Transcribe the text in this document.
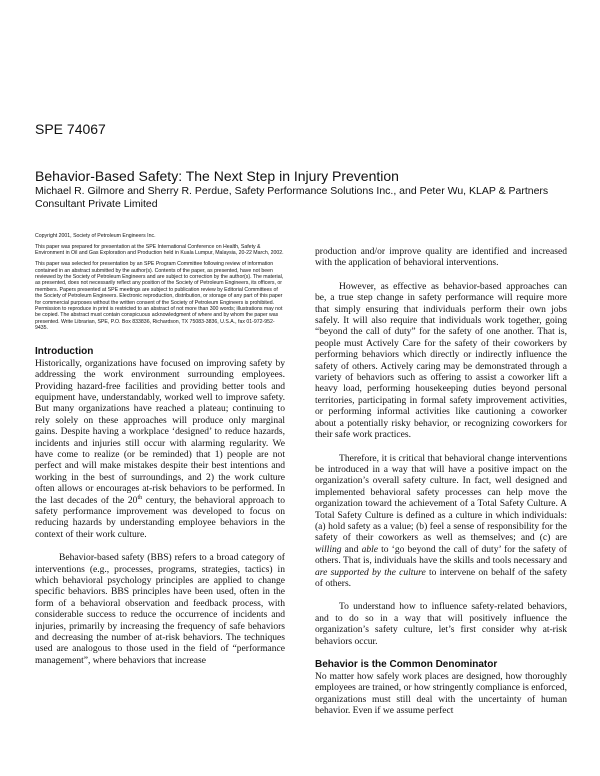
SPE 74067
Behavior-Based Safety: The Next Step in Injury Prevention
Michael R. Gilmore and Sherry R. Perdue, Safety Performance Solutions Inc., and Peter Wu, KLAP & Partners Consultant Private Limited

Copyright 2001, Society of Petroleum Engineers Inc.

This paper was prepared for presentation at the SPE International Conference on Health, Safety & Environment in Oil and Gas Exploration and Production held in Kuala Lumpur, Malaysia, 20-22 March, 2002.

This paper was selected for presentation by an SPE Program Committee following review of information contained in an abstract submitted by the author(s). Contents of the paper, as presented, have not been reviewed by the Society of Petroleum Engineers and are subject to correction by the author(s). The material, as presented, does not necessarily reflect any position of the Society of Petroleum Engineers, its officers, or members. Papers presented at SPE meetings are subject to publication review by Editorial Committees of the Society of Petroleum Engineers. Electronic reproduction, distribution, or storage of any part of this paper for commercial purposes without the written consent of the Society of Petroleum Engineers is prohibited. Permission to reproduce in print is restricted to an abstract of not more than 300 words; illustrations may not be copied. The abstract must contain conspicuous acknowledgment of where and by whom the paper was presented. Write Librarian, SPE, P.O. Box 833836, Richardson, TX 75083-3836, U.S.A., fax 01-972-952-9435.

Introduction

Historically, organizations have focused on improving safety by addressing the work environment surrounding employees. Providing hazard-free facilities and providing better tools and equipment have, understandably, worked well to improve safety. But many organizations have reached a plateau; continuing to rely solely on these approaches will produce only marginal gains. Despite having a workplace ‘designed’ to reduce hazards, incidents and injuries still occur with alarming regularity. We have come to realize (or be reminded) that 1) people are not perfect and will make mistakes despite their best intentions and working in the best of surroundings, and 2) the work culture often allows or encourages at-risk behaviors to be performed. In the last decades of the 20th century, the behavioral approach to safety performance improvement was developed to focus on reducing hazards by understanding employee behaviors in the context of their work culture.

Behavior-based safety (BBS) refers to a broad category of interventions (e.g., processes, programs, strategies, tactics) in which behavioral psychology principles are applied to change specific behaviors. BBS principles have been used, often in the form of a behavioral observation and feedback process, with considerable success to reduce the occurrence of incidents and injuries, primarily by increasing the frequency of safe behaviors and decreasing the number of at-risk behaviors. The techniques used are analogous to those used in the field of “performance management”, where behaviors that increase

production and/or improve quality are identified and increased with the application of behavioral interventions.

However, as effective as behavior-based approaches can be, a true step change in safety performance will require more that simply ensuring that individuals perform their own jobs safely. It will also require that individuals work together, going “beyond the call of duty” for the safety of one another. That is, people must Actively Care for the safety of their coworkers by performing behaviors which directly or indirectly influence the safety of others. Actively caring may be demonstrated through a variety of behaviors such as offering to assist a coworker lift a heavy load, performing housekeeping duties beyond personal territories, participating in formal safety improvement activities, or performing informal activities like cautioning a coworker about a potentially risky behavior, or recognizing coworkers for their safe work practices.

Therefore, it is critical that behavioral change interventions be introduced in a way that will have a positive impact on the organization’s overall safety culture. In fact, well designed and implemented behavioral safety processes can help move the organization toward the achievement of a Total Safety Culture. A Total Safety Culture is defined as a culture in which individuals: (a) hold safety as a value; (b) feel a sense of responsibility for the safety of their coworkers as well as themselves; and (c) are willing and able to ‘go beyond the call of duty’ for the safety of others. That is, individuals have the skills and tools necessary and are supported by the culture to intervene on behalf of the safety of others.

To understand how to influence safety-related behaviors, and to do so in a way that will positively influence the organization’s safety culture, let’s first consider why at-risk behaviors occur.

Behavior is the Common Denominator

No matter how safely work places are designed, how thoroughly employees are trained, or how stringently compliance is enforced, organizations must still deal with the uncertainty of human behavior. Even if we assume perfect
